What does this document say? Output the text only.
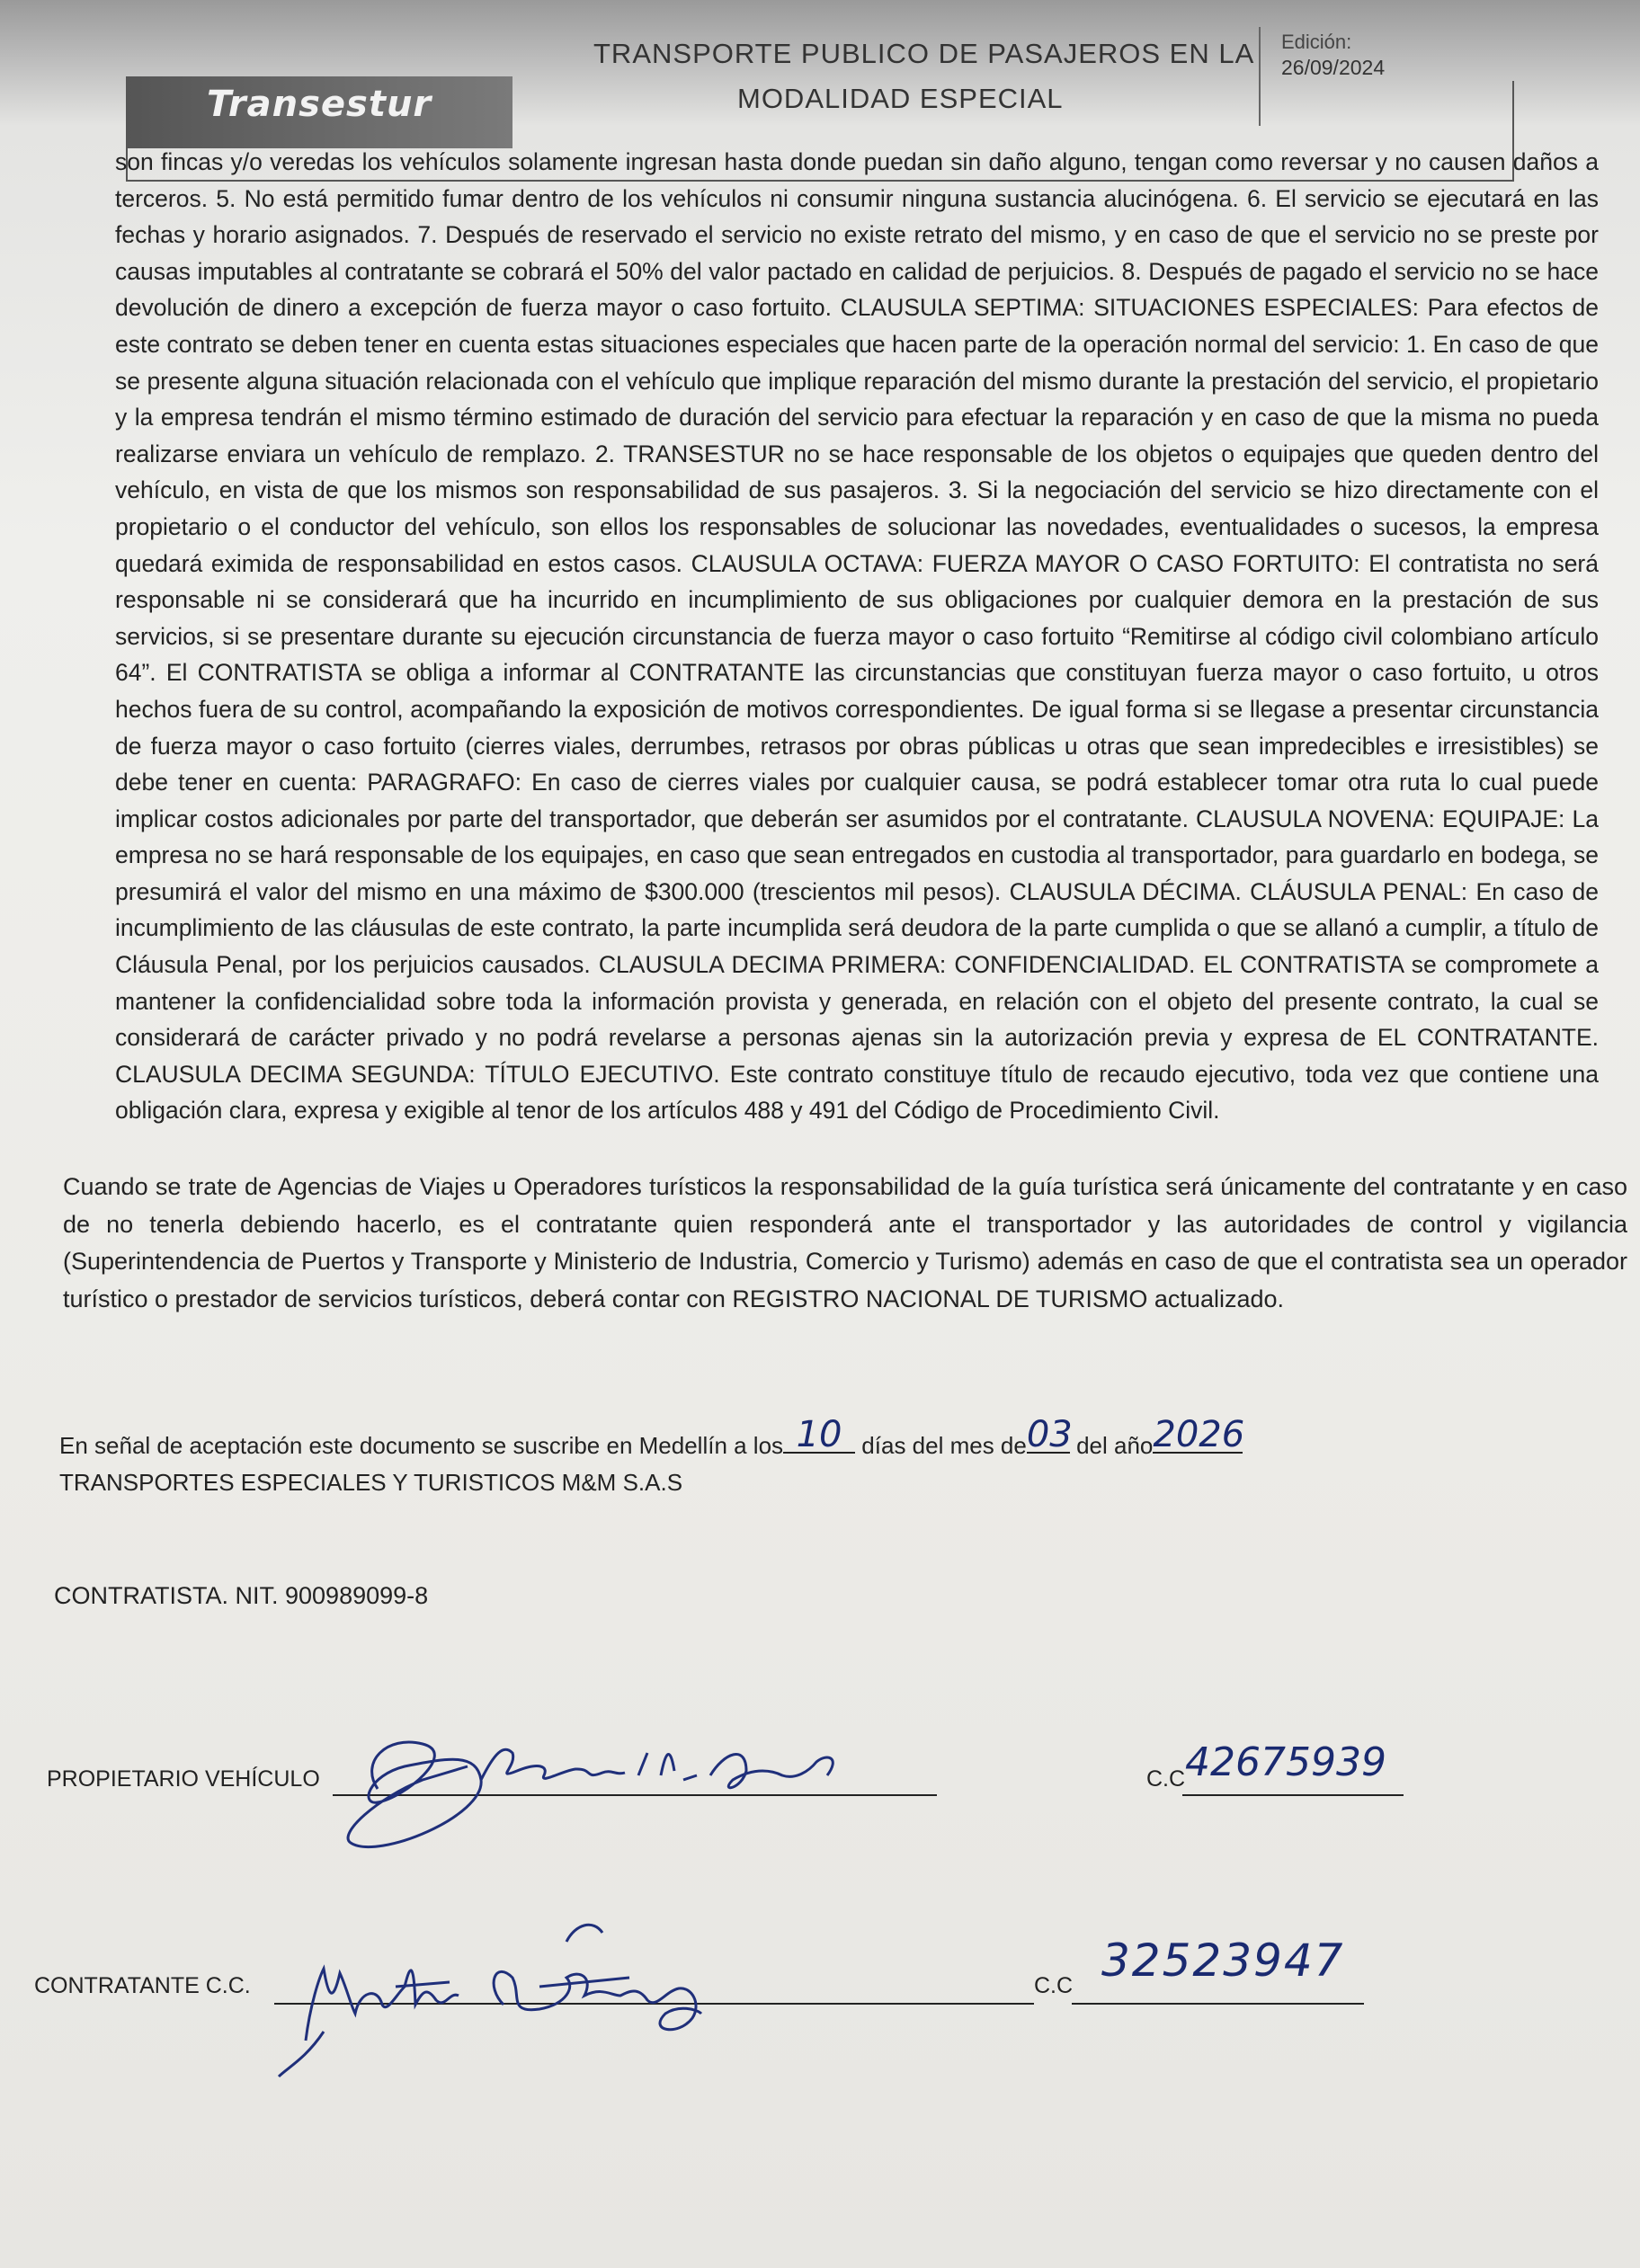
Transestur
TRANSPORTE PUBLICO DE PASAJEROS EN LA
MODALIDAD ESPECIAL
Edición:
26/09/2024
son fincas y/o veredas los vehículos solamente ingresan hasta donde puedan sin daño alguno, tengan como reversar y no causen daños a terceros. 5. No está permitido fumar dentro de los vehículos ni consumir ninguna sustancia alucinógena. 6. El servicio se ejecutará en las fechas y horario asignados. 7. Después de reservado el servicio no existe retrato del mismo, y en caso de que el servicio no se preste por causas imputables al contratante se cobrará el 50% del valor pactado en calidad de perjuicios. 8. Después de pagado el servicio no se hace devolución de dinero a excepción de fuerza mayor o caso fortuito. CLAUSULA SEPTIMA: SITUACIONES ESPECIALES: Para efectos de este contrato se deben tener en cuenta estas situaciones especiales que hacen parte de la operación normal del servicio: 1. En caso de que se presente alguna situación relacionada con el vehículo que implique reparación del mismo durante la prestación del servicio, el propietario y la empresa tendrán el mismo término estimado de duración del servicio para efectuar la reparación y en caso de que la misma no pueda realizarse enviara un vehículo de remplazo. 2. TRANSESTUR no se hace responsable de los objetos o equipajes que queden dentro del vehículo, en vista de que los mismos son responsabilidad de sus pasajeros. 3. Si la negociación del servicio se hizo directamente con el propietario o el conductor del vehículo, son ellos los responsables de solucionar las novedades, eventualidades o sucesos, la empresa quedará eximida de responsabilidad en estos casos. CLAUSULA OCTAVA: FUERZA MAYOR O CASO FORTUITO: El contratista no será responsable ni se considerará que ha incurrido en incumplimiento de sus obligaciones por cualquier demora en la prestación de sus servicios, si se presentare durante su ejecución circunstancia de fuerza mayor o caso fortuito “Remitirse al código civil colombiano artículo 64”. El CONTRATISTA se obliga a informar al CONTRATANTE las circunstancias que constituyan fuerza mayor o caso fortuito, u otros hechos fuera de su control, acompañando la exposición de motivos correspondientes. De igual forma si se llegase a presentar circunstancia de fuerza mayor o caso fortuito (cierres viales, derrumbes, retrasos por obras públicas u otras que sean impredecibles e irresistibles) se debe tener en cuenta: PARAGRAFO: En caso de cierres viales por cualquier causa, se podrá establecer tomar otra ruta lo cual puede implicar costos adicionales por parte del transportador, que deberán ser asumidos por el contratante. CLAUSULA NOVENA: EQUIPAJE: La empresa no se hará responsable de los equipajes, en caso que sean entregados en custodia al transportador, para guardarlo en bodega, se presumirá el valor del mismo en una máximo de $300.000 (trescientos mil pesos). CLAUSULA DÉCIMA. CLÁUSULA PENAL: En caso de incumplimiento de las cláusulas de este contrato, la parte incumplida será deudora de la parte cumplida o que se allanó a cumplir, a título de Cláusula Penal, por los perjuicios causados. CLAUSULA DECIMA PRIMERA: CONFIDENCIALIDAD. EL CONTRATISTA se compromete a mantener la confidencialidad sobre toda la información provista y generada, en relación con el objeto del presente contrato, la cual se considerará de carácter privado y no podrá revelarse a personas ajenas sin la autorización previa y expresa de EL CONTRATANTE. CLAUSULA DECIMA SEGUNDA: TÍTULO EJECUTIVO. Este contrato constituye título de recaudo ejecutivo, toda vez que contiene una obligación clara, expresa y exigible al tenor de los artículos 488 y 491 del Código de Procedimiento Civil.
Cuando se trate de Agencias de Viajes u Operadores turísticos la responsabilidad de la guía turística será únicamente del contratante y en caso de no tenerla debiendo hacerlo, es el contratante quien responderá ante el transportador y las autoridades de control y vigilancia (Superintendencia de Puertos y Transporte y Ministerio de Industria, Comercio y Turismo) además en caso de que el contratista sea un operador turístico o prestador de servicios turísticos, deberá contar con REGISTRO NACIONAL DE TURISMO actualizado.
En señal de aceptación este documento se suscribe en Medellín a los 10 días del mes de 03 del año 2026
TRANSPORTES ESPECIALES Y TURISTICOS M&M S.A.S
CONTRATISTA. NIT. 900989099-8
PROPIETARIO VEHÍCULO	C.C 42675939
CONTRATANTE C.C.	C.C 32523947
